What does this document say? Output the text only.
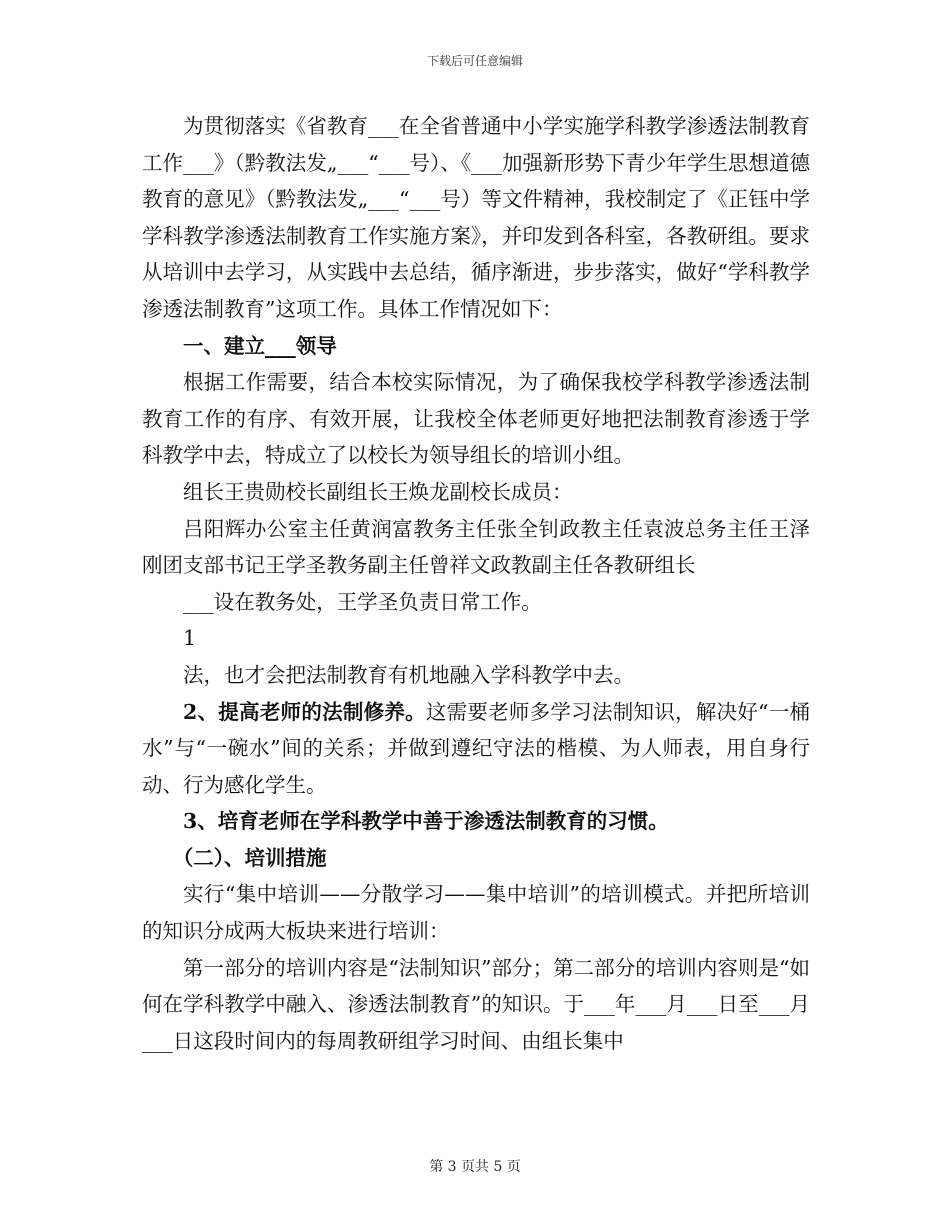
下载后可任意编辑

为贯彻落实《省教育___在全省普通中小学实施学科教学渗透法制教育工作___》（黔教法发„___“___号）、《___加强新形势下青少年学生思想道德教育的意见》（黔教法发„___“___号）等文件精神，我校制定了《正钰中学学科教学渗透法制教育工作实施方案》，并印发到各科室，各教研组。要求从培训中去学习，从实践中去总结，循序渐进，步步落实，做好“学科教学渗透法制教育”这项工作。具体工作情况如下：

一、建立___领导

根据工作需要，结合本校实际情况，为了确保我校学科教学渗透法制教育工作的有序、有效开展，让我校全体老师更好地把法制教育渗透于学科教学中去，特成立了以校长为领导组长的培训小组。

组长王贵勋校长副组长王焕龙副校长成员：

吕阳辉办公室主任黄润富教务主任张全钊政教主任袁波总务主任王泽刚团支部书记王学圣教务副主任曾祥文政教副主任各教研组长

___设在教务处，王学圣负责日常工作。

1

法，也才会把法制教育有机地融入学科教学中去。

2、提高老师的法制修养。这需要老师多学习法制知识，解决好“一桶水”与“一碗水”间的关系；并做到遵纪守法的楷模、为人师表，用自身行动、行为感化学生。

3、培育老师在学科教学中善于渗透法制教育的习惯。

（二）、培训措施

实行“集中培训——分散学习——集中培训”的培训模式。并把所培训的知识分成两大板块来进行培训：

第一部分的培训内容是“法制知识”部分；第二部分的培训内容则是“如何在学科教学中融入、渗透法制教育”的知识。于___年___月___日至___月___日这段时间内的每周教研组学习时间、由组长集中

第 3 页共 5 页
